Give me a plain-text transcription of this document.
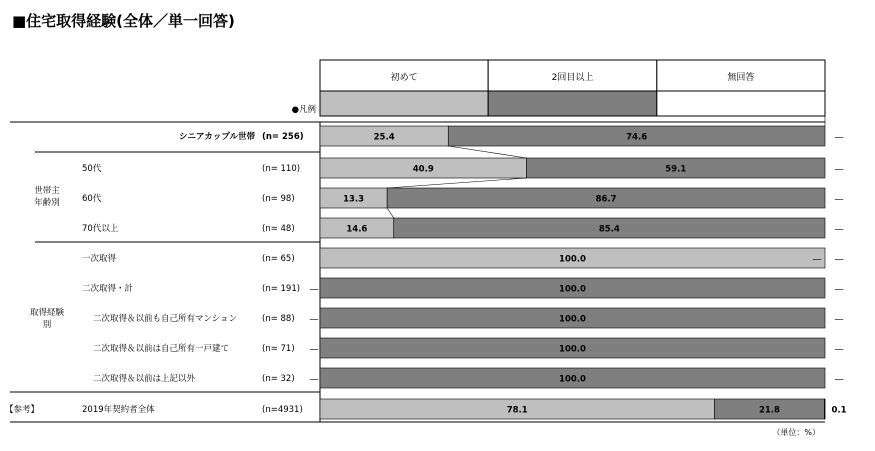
■住宅取得経験(全体／単一回答)
初めて	2回目以上	無回答
●凡例
世帯主
年齢別
取得経験
別
【参考】
シニアカップル世帯 (n= 256)	25.4	74.6	―
50代	(n= 110)	40.9	59.1	―
60代	(n= 98)	13.3	86.7	―
70代以上	(n= 48)	14.6	85.4	―
一次取得	(n= 65)	100.0	― ―
二次取得・計	(n= 191) ―	100.0	―
二次取得＆以前も自己所有マンション	(n= 88) ―	100.0	―
二次取得＆以前は自己所有一戸建て	(n= 71) ―	100.0	―
二次取得＆以前は上記以外	(n= 32) ―	100.0	―
2019年契約者全体	(n=4931)	78.1	21.8	0.1
（単位：%）
